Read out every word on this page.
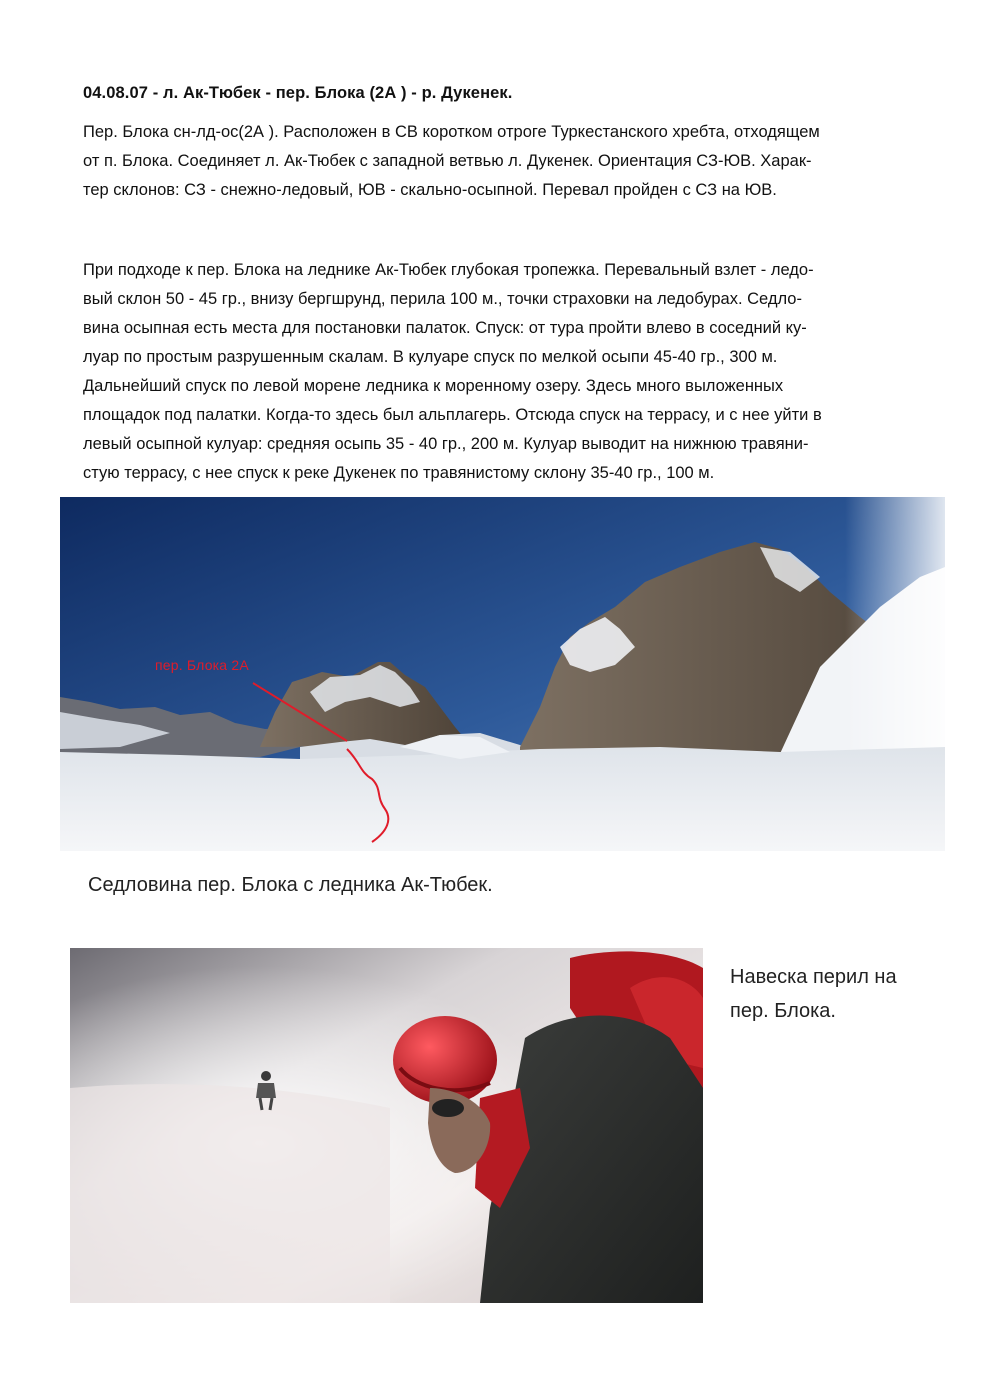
04.08.07 - л. Ак-Тюбек - пер. Блока (2А ) - р. Дукенек.

Пер. Блока сн-лд-ос(2А ). Расположен в СВ коротком отроге Туркестанского хребта, отходящем
от п. Блока. Соединяет л. Ак-Тюбек с западной ветвью л. Дукенек. Ориентация СЗ-ЮВ. Харак-
тер склонов: СЗ - снежно-ледовый, ЮВ - скально-осыпной. Перевал пройден с СЗ на ЮВ.

При подходе к пер. Блока на леднике Ак-Тюбек глубокая тропежка. Перевальный взлет - ледо-
вый склон 50 - 45 гр., внизу бергшрунд, перила 100 м., точки страховки на ледобурах. Седло-
вина осыпная есть места для постановки палаток. Спуск: от тура пройти влево в соседний ку-
луар по простым разрушенным скалам. В кулуаре спуск по мелкой осыпи 45-40 гр., 300 м.
Дальнейший спуск по левой морене ледника к моренному озеру. Здесь много выложенных
площадок под палатки. Когда-то здесь был альплагерь. Отсюда спуск на террасу, и с нее уйти в
левый осыпной кулуар: средняя осыпь 35 - 40 гр., 200 м. Кулуар выводит на нижнюю травяни-
стую террасу, с нее спуск к реке Дукенек по травянистому склону 35-40 гр., 100 м.

пер. Блока 2А
Седловина пер. Блока с ледника Ак-Тюбек.
Навеска перил на
пер. Блока.
